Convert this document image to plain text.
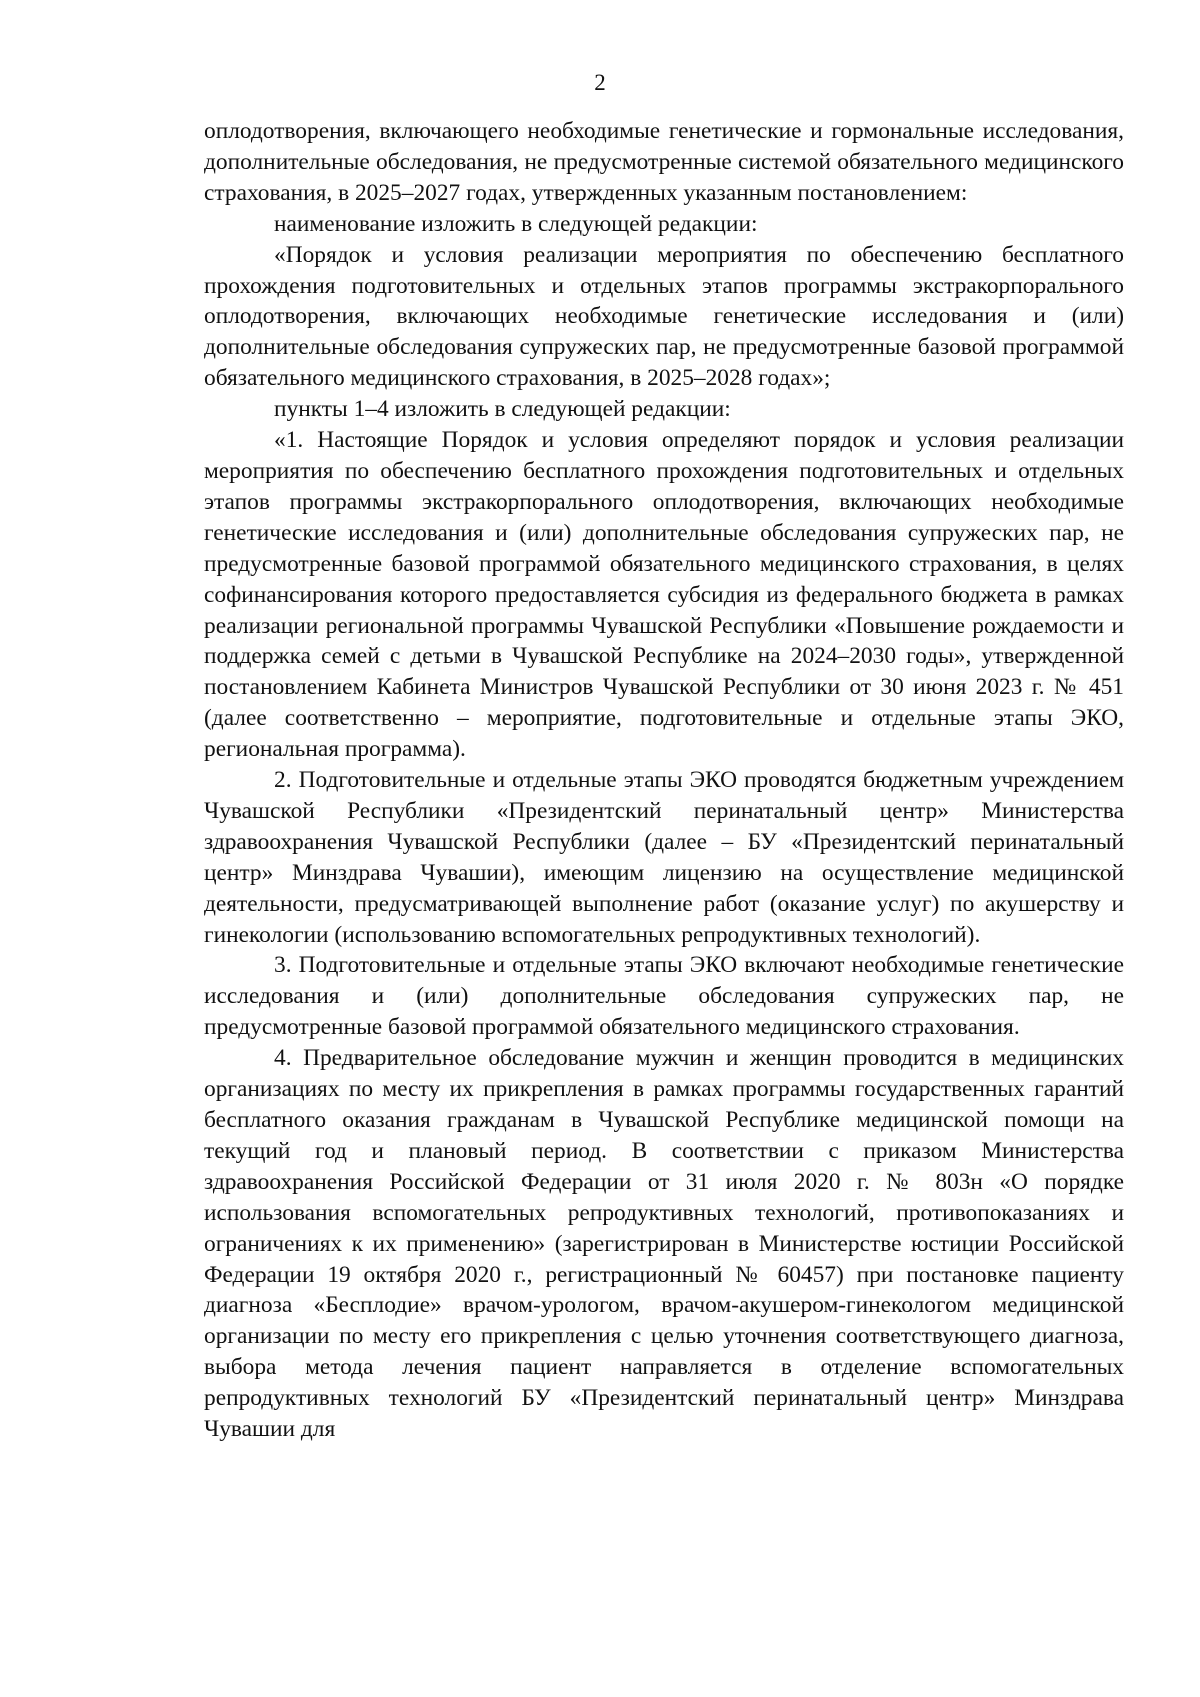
2

оплодотворения, включающего необходимые генетические и гормональные исследования, дополнительные обследования, не предусмотренные системой обязательного медицинского страхования, в 2025–2027 годах, утвержденных указанным постановлением:

наименование изложить в следующей редакции:

«Порядок и условия реализации мероприятия по обеспечению бесплатного прохождения подготовительных и отдельных этапов программы экстракорпорального оплодотворения, включающих необходимые генетические исследования и (или) дополнительные обследования супружеских пар, не предусмотренные базовой программой обязательного медицинского страхования, в 2025–2028 годах»;

пункты 1–4 изложить в следующей редакции:

«1. Настоящие Порядок и условия определяют порядок и условия реализации мероприятия по обеспечению бесплатного прохождения подготовительных и отдельных этапов программы экстракорпорального оплодотворения, включающих необходимые генетические исследования и (или) дополнительные обследования супружеских пар, не предусмотренные базовой программой обязательного медицинского страхования, в целях софинансирования которого предоставляется субсидия из федерального бюджета в рамках реализации региональной программы Чувашской Республики «Повышение рождаемости и поддержка семей с детьми в Чувашской Республике на 2024–2030 годы», утвержденной постановлением Кабинета Министров Чувашской Республики от 30 июня 2023 г. № 451 (далее соответственно – мероприятие, подготовительные и отдельные этапы ЭКО, региональная программа).

2. Подготовительные и отдельные этапы ЭКО проводятся бюджетным учреждением Чувашской Республики «Президентский перинатальный центр» Министерства здравоохранения Чувашской Республики (далее – БУ «Президентский перинатальный центр» Минздрава Чувашии), имеющим лицензию на осуществление медицинской деятельности, предусматривающей выполнение работ (оказание услуг) по акушерству и гинекологии (использованию вспомогательных репродуктивных технологий).

3. Подготовительные и отдельные этапы ЭКО включают необходимые генетические исследования и (или) дополнительные обследования супружеских пар, не предусмотренные базовой программой обязательного медицинского страхования.

4. Предварительное обследование мужчин и женщин проводится в медицинских организациях по месту их прикрепления в рамках программы государственных гарантий бесплатного оказания гражданам в Чувашской Республике медицинской помощи на текущий год и плановый период. В соответствии с приказом Министерства здравоохранения Российской Федерации от 31 июля 2020 г. № 803н «О порядке использования вспомогательных репродуктивных технологий, противопоказаниях и ограничениях к их применению» (зарегистрирован в Министерстве юстиции Российской Федерации 19 октября 2020 г., регистрационный № 60457) при постановке пациенту диагноза «Бесплодие» врачом-урологом, врачом-акушером-гинекологом медицинской организации по месту его прикрепления с целью уточнения соответствующего диагноза, выбора метода лечения пациент направляется в отделение вспомогательных репродуктивных технологий БУ «Президентский перинатальный центр» Минздрава Чувашии для
